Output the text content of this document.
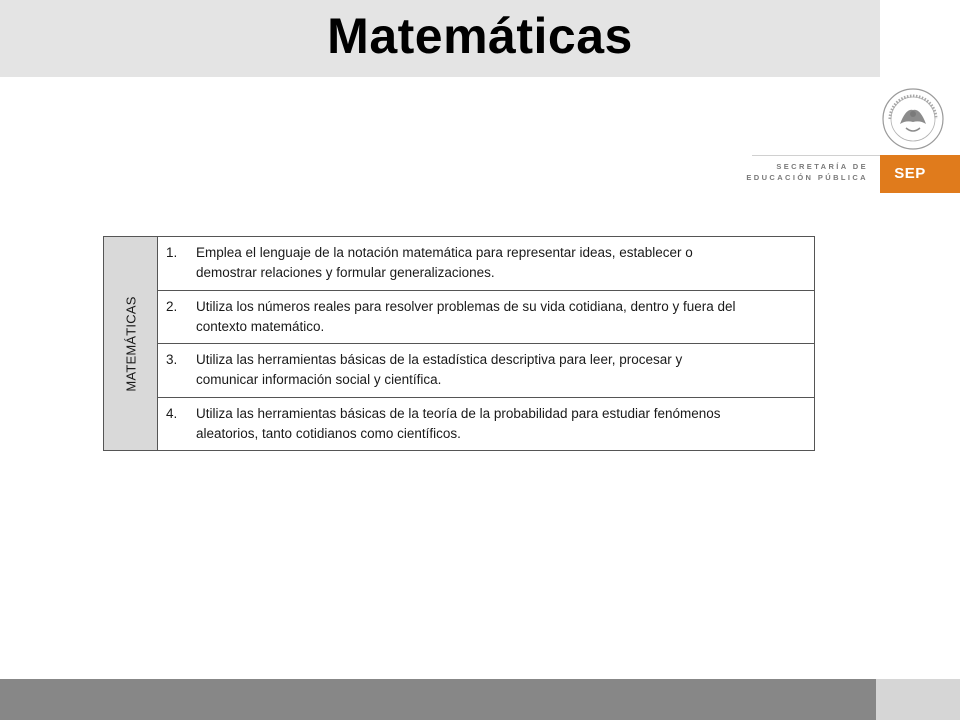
Matemáticas
SECRETARÍA DE
EDUCACIÓN PÚBLICA	SEP
MATEMÁTICAS
1.	Emplea el lenguaje de la notación matemática para representar ideas, establecer o
demostrar relaciones y formular generalizaciones.
2.	Utiliza los números reales para resolver problemas de su vida cotidiana, dentro y fuera del
contexto matemático.
3.	Utiliza las herramientas básicas de la estadística descriptiva para leer, procesar y
comunicar información social y científica.
4.	Utiliza las herramientas básicas de la teoría de la probabilidad para estudiar fenómenos
aleatorios, tanto cotidianos como científicos.
